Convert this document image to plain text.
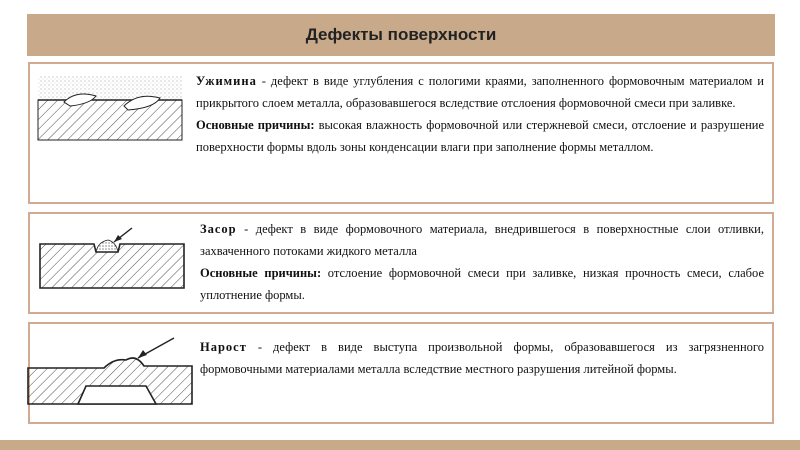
Дефекты поверхности

Ужимина - дефект в виде углубления с пологими краями, заполненного формовочным материалом и прикрытого слоем металла, образовавшегося вследствие отслоения формовочной смеси при заливке.

Основные причины: высокая влажность формовочной или стержневой смеси, отслоение и разрушение поверхности формы вдоль зоны конденсации влаги при заполнение формы металлом.

Засор - дефект в виде формовочного материала, внедрившегося в поверхностные слои отливки, захваченного потоками жидкого металла

Основные причины: отслоение формовочной смеси при заливке, низкая прочность смеси, слабое уплотнение формы.

Нарост - дефект в виде выступа произвольной формы, образовавшегося из загрязненного формовочными материалами металла вследствие местного разрушения литейной формы.
